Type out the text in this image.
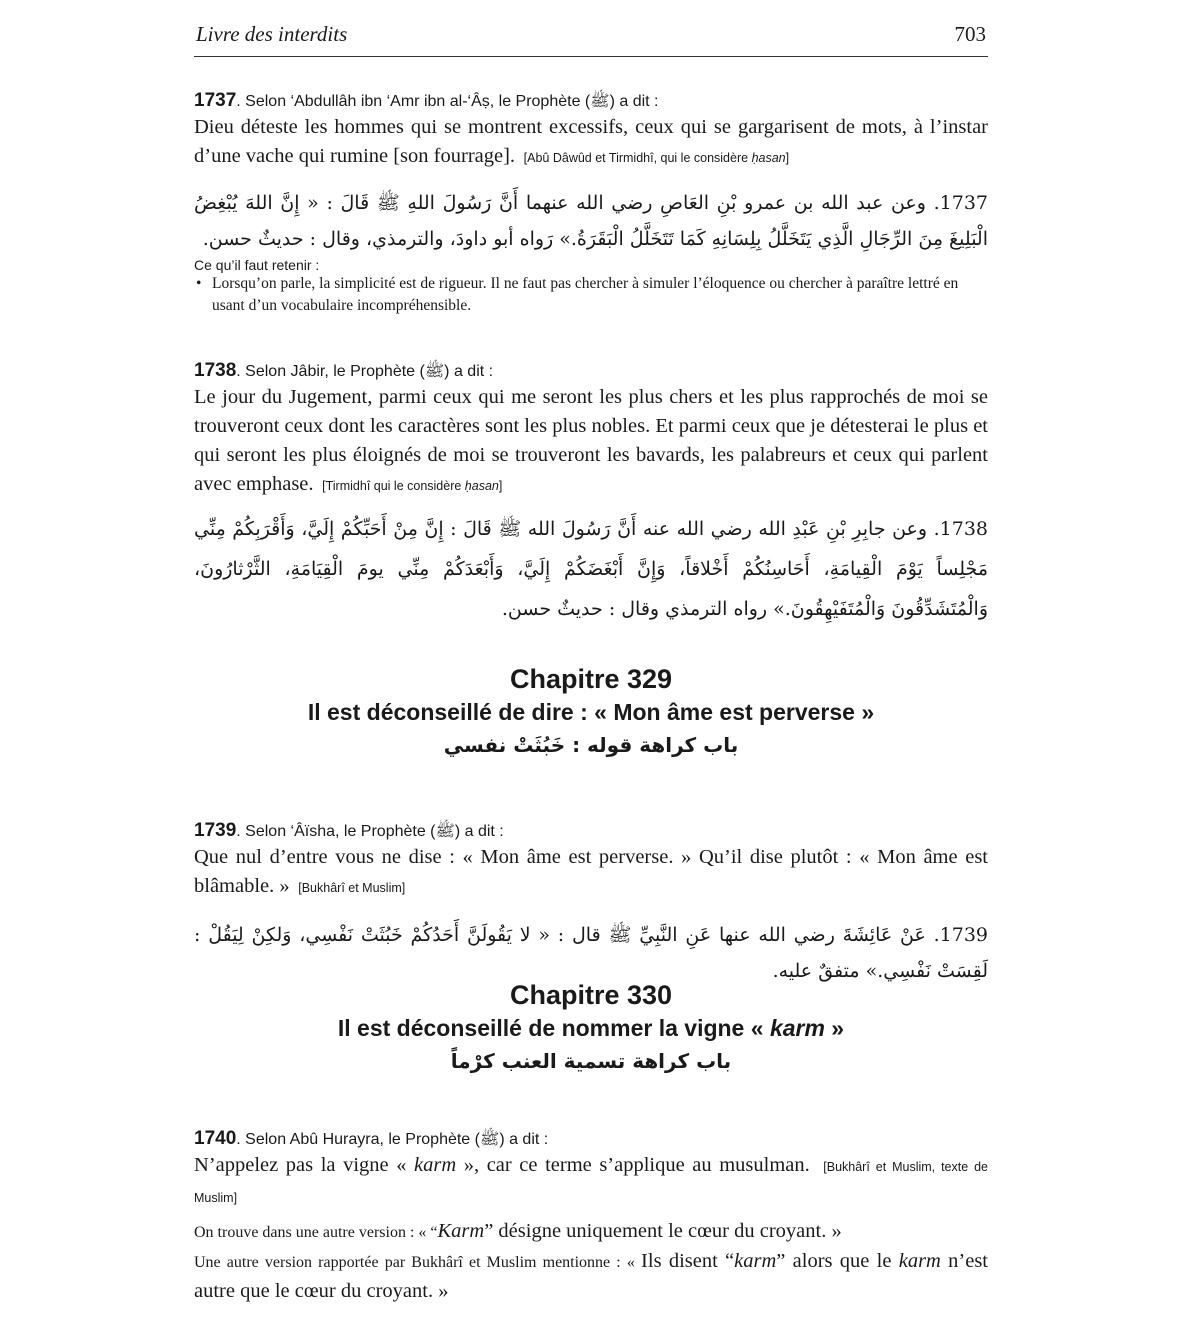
Livre des interdits	703
1737. Selon ‘Abdullâh ibn ‘Amr ibn al-‘Âṣ, le Prophète (ﷺ) a dit :
Dieu déteste les hommes qui se montrent excessifs, ceux qui se gargarisent de mots, à l’instar d’une vache qui rumine [son fourrage]. [Abû Dâwûd et Tirmidhî, qui le considère ḥasan]
1737. وعن عبد الله بن عمرو بْنِ العَاصِ رضي الله عنهما أَنَّ رَسُولَ اللهِ ﷺ قَالَ : « إِنَّ اللهَ يُبْغِضُ الْبَلِيغَ مِنَ الرِّجَالِ الَّذِي يَتَخَلَّلُ بِلِسَانِهِ كَمَا تَتَخَلَّلُ الْبَقَرَةُ.» رَواه أبو داودَ، والترمذي، وقال : حديثٌ حسن.
Ce qu’il faut retenir :
• Lorsqu’on parle, la simplicité est de rigueur. Il ne faut pas chercher à simuler l’éloquence ou chercher à paraître lettré en usant d’un vocabulaire incompréhensible.
1738. Selon Jâbir, le Prophète (ﷺ) a dit :
Le jour du Jugement, parmi ceux qui me seront les plus chers et les plus rapprochés de moi se trouveront ceux dont les caractères sont les plus nobles. Et parmi ceux que je détesterai le plus et qui seront les plus éloignés de moi se trouveront les bavards, les palabreurs et ceux qui parlent avec emphase. [Tirmidhî qui le considère ḥasan]
1738. وعن جابِرِ بْنِ عَبْدِ الله رضي الله عنه أَنَّ رَسُولَ الله ﷺ قَالَ : إِنَّ مِنْ أَحَبِّكُمْ إِلَيَّ، وَأَقْرَبِكُمْ مِنِّي مَجْلِساً يَوْمَ الْقِيامَةِ، أَحَاسِنُكُمْ أَخْلاقاً، وَإِنَّ أَبْغَضَكُمْ إِلَيَّ، وَأَبْعَدَكُمْ مِنِّي يومَ الْقِيَامَةِ، الثَّرْثارُونَ، وَالْمُتَشَدِّقُونَ وَالْمُتَفَيْهِقُونَ.» رواه الترمذي وقال : حديثٌ حسن.
Chapitre 329
Il est déconseillé de dire : « Mon âme est perverse »
باب كراهة قوله : خَبُثَتْ نفسي
1739. Selon ‘Âïsha, le Prophète (ﷺ) a dit :
Que nul d’entre vous ne dise : « Mon âme est perverse. » Qu’il dise plutôt : « Mon âme est blâmable. » [Bukhârî et Muslim]
1739. عَنْ عَائِشَةَ رضي الله عنها عَنِ النَّبِيِّ ﷺ قال : « لا يَقُولَنَّ أَحَدُكُمْ خَبُثَتْ نَفْسِي، وَلكِنْ لِيَقُلْ : لَقِسَتْ نَفْسِي.» متفقٌ عليه.
Chapitre 330
Il est déconseillé de nommer la vigne « karm »
باب كراهة تسمية العنب كرْماً
1740. Selon Abû Hurayra, le Prophète (ﷺ) a dit :
N’appelez pas la vigne « karm », car ce terme s’applique au musulman. [Bukhârî et Muslim, texte de Muslim]
On trouve dans une autre version : « “Karm” désigne uniquement le cœur du croyant. »
Une autre version rapportée par Bukhârî et Muslim mentionne : « Ils disent “karm” alors que le karm n’est autre que le cœur du croyant. »
